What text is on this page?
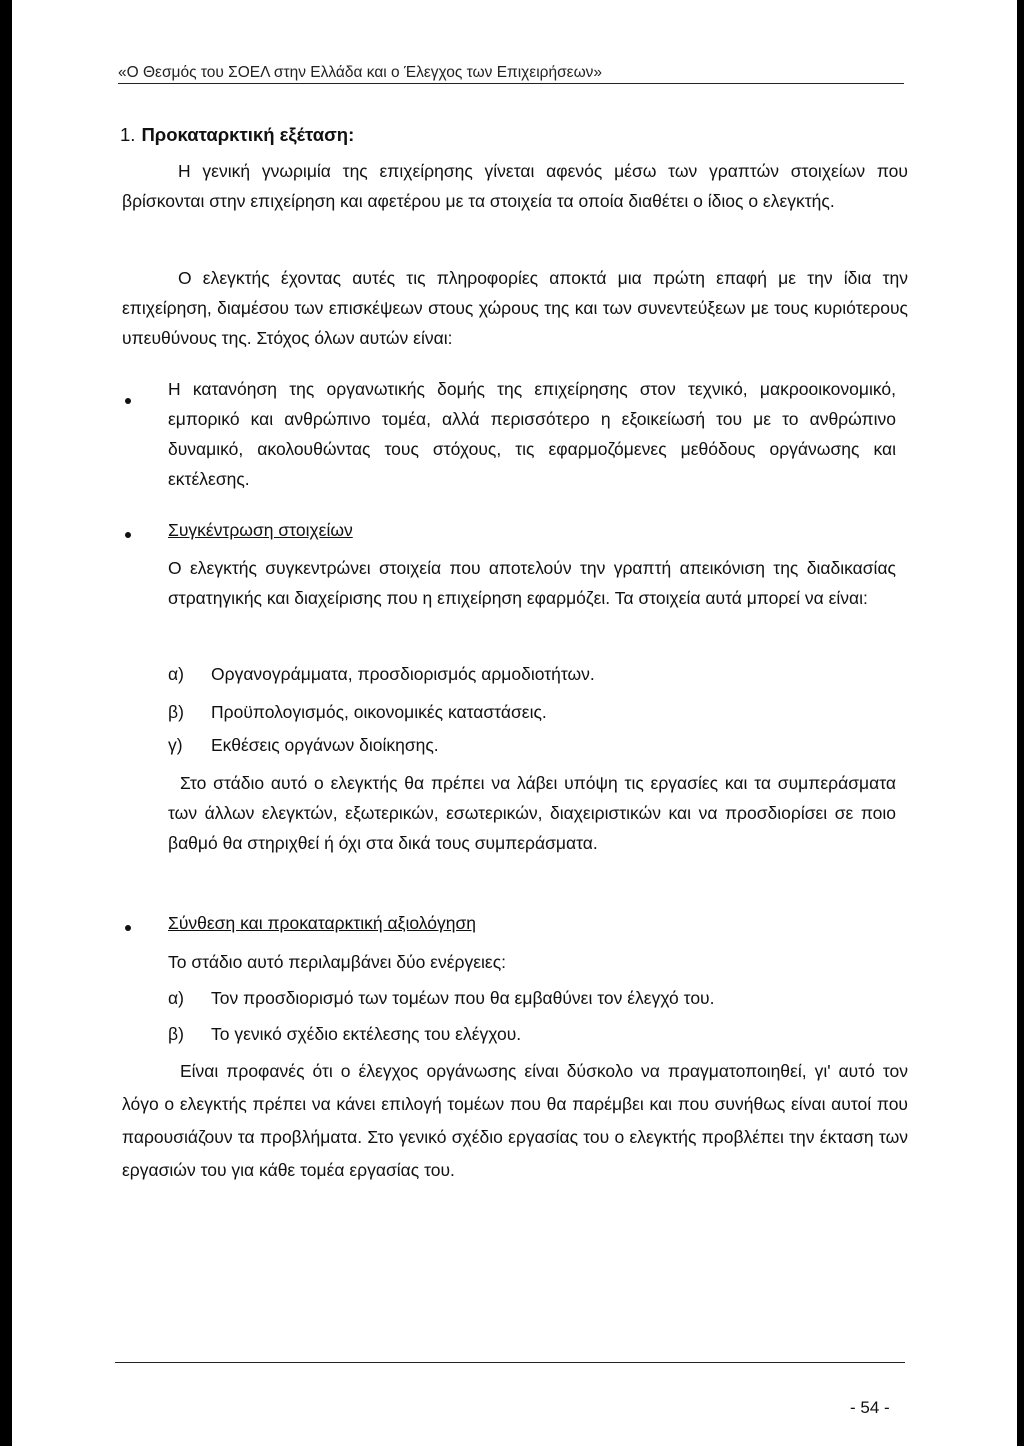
«Ο Θεσμός του ΣΟΕΛ στην Ελλάδα και ο Έλεγχος των Επιχειρήσεων»
1. Προκαταρκτική εξέταση:

Η γενική γνωριμία της επιχείρησης γίνεται αφενός μέσω των γραπτών στοιχείων που βρίσκονται στην επιχείρηση και αφετέρου με τα στοιχεία τα οποία διαθέτει ο ίδιος ο ελεγκτής.

Ο ελεγκτής έχοντας αυτές τις πληροφορίες αποκτά μια πρώτη επαφή με την ίδια την επιχείρηση, διαμέσου των επισκέψεων στους χώρους της και των συνεντεύξεων με τους κυριότερους υπευθύνους της. Στόχος όλων αυτών είναι:

Η κατανόηση της οργανωτικής δομής της επιχείρησης στον τεχνικό, μακροοικονομικό, εμπορικό και ανθρώπινο τομέα, αλλά περισσότερο η εξοικείωσή του με το ανθρώπινο δυναμικό, ακολουθώντας τους στόχους, τις εφαρμοζόμενες μεθόδους οργάνωσης και εκτέλεσης.

Συγκέντρωση στοιχείων

Ο ελεγκτής συγκεντρώνει στοιχεία που αποτελούν την γραπτή απεικόνιση της διαδικασίας στρατηγικής και διαχείρισης που η επιχείρηση εφαρμόζει. Τα στοιχεία αυτά μπορεί να είναι:

α) Οργανογράμματα, προσδιορισμός αρμοδιοτήτων.
β) Προϋπολογισμός, οικονομικές καταστάσεις.
γ) Εκθέσεις οργάνων διοίκησης.

Στο στάδιο αυτό ο ελεγκτής θα πρέπει να λάβει υπόψη τις εργασίες και τα συμπεράσματα των άλλων ελεγκτών, εξωτερικών, εσωτερικών, διαχειριστικών και να προσδιορίσει σε ποιο βαθμό θα στηριχθεί ή όχι στα δικά τους συμπεράσματα.

Σύνθεση και προκαταρκτική αξιολόγηση
Το στάδιο αυτό περιλαμβάνει δύο ενέργειες:
α) Τον προσδιορισμό των τομέων που θα εμβαθύνει τον έλεγχό του.
β) Το γενικό σχέδιο εκτέλεσης του ελέγχου.

Είναι προφανές ότι ο έλεγχος οργάνωσης είναι δύσκολο να πραγματοποιηθεί, γι' αυτό τον λόγο ο ελεγκτής πρέπει να κάνει επιλογή τομέων που θα παρέμβει και που συνήθως είναι αυτοί που παρουσιάζουν τα προβλήματα. Στο γενικό σχέδιο εργασίας του ο ελεγκτής προβλέπει την έκταση των εργασιών του για κάθε τομέα εργασίας του.

- 54 -
